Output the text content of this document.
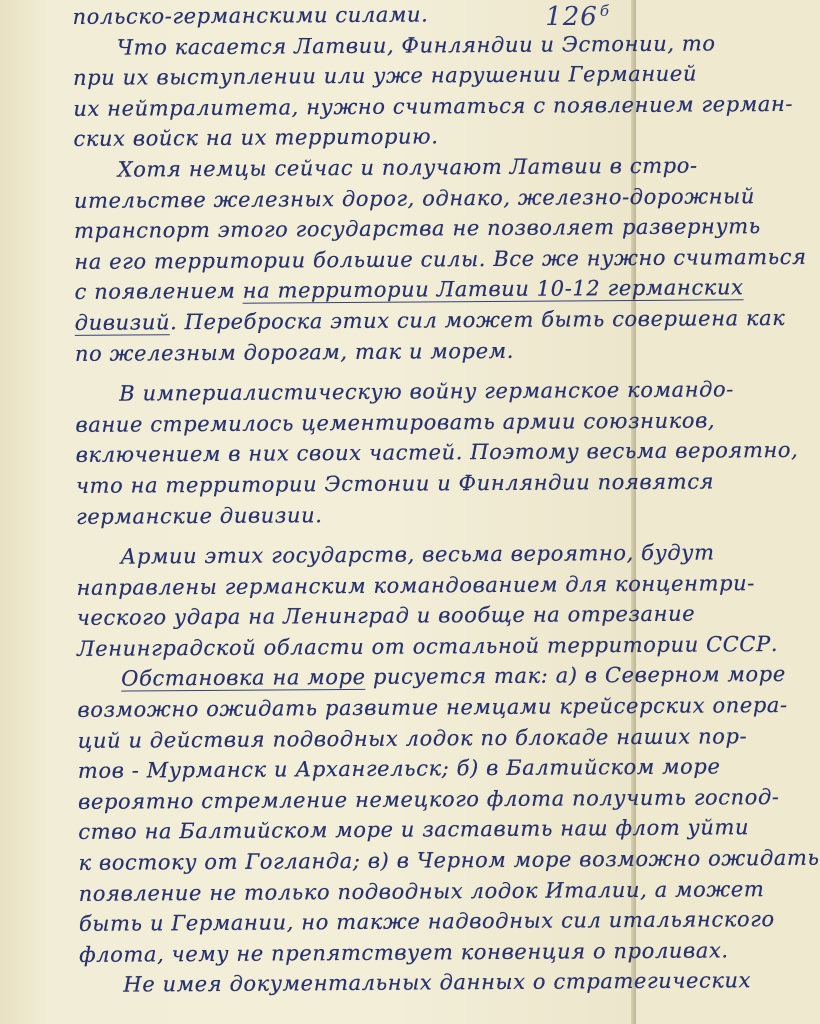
126 $^б$
польско-германскими силами.
Что касается Латвии, Финляндии и Эстонии, то
при их выступлении или уже нарушении Германией
их нейтралитета, нужно считаться с появлением герман-
ских войск на их территорию.
Хотя немцы сейчас и получают Латвии в стро-
ительстве железных дорог, однако, железно-дорожный
транспорт этого государства не позволяет развернуть
на его территории большие силы. Все же нужно считаться
с появлением на территории Латвии 10-12 германских
дивизий. Переброска этих сил может быть совершена как
по железным дорогам, так и морем.
В империалистическую войну германское командо-
вание стремилось цементировать армии союзников,
включением в них своих частей. Поэтому весьма вероятно,
что на территории Эстонии и Финляндии появятся
германские дивизии.
Армии этих государств, весьма вероятно, будут
направлены германским командованием для концентри-
ческого удара на Ленинград и вообще на отрезание
Ленинградской области от остальной территории СССР.
Обстановка на море рисуется так: а) в Северном море
возможно ожидать развитие немцами крейсерских опера-
ций и действия подводных лодок по блокаде наших пор-
тов - Мурманск и Архангельск; б) в Балтийском море
вероятно стремление немецкого флота получить господ-
ство на Балтийском море и заставить наш флот уйти
к востоку от Гогланда; в) в Черном море возможно ожидать
появление не только подводных лодок Италии, а может
быть и Германии, но также надводных сил итальянского
флота, чему не препятствует конвенция о проливах.
Не имея документальных данных о стратегических
